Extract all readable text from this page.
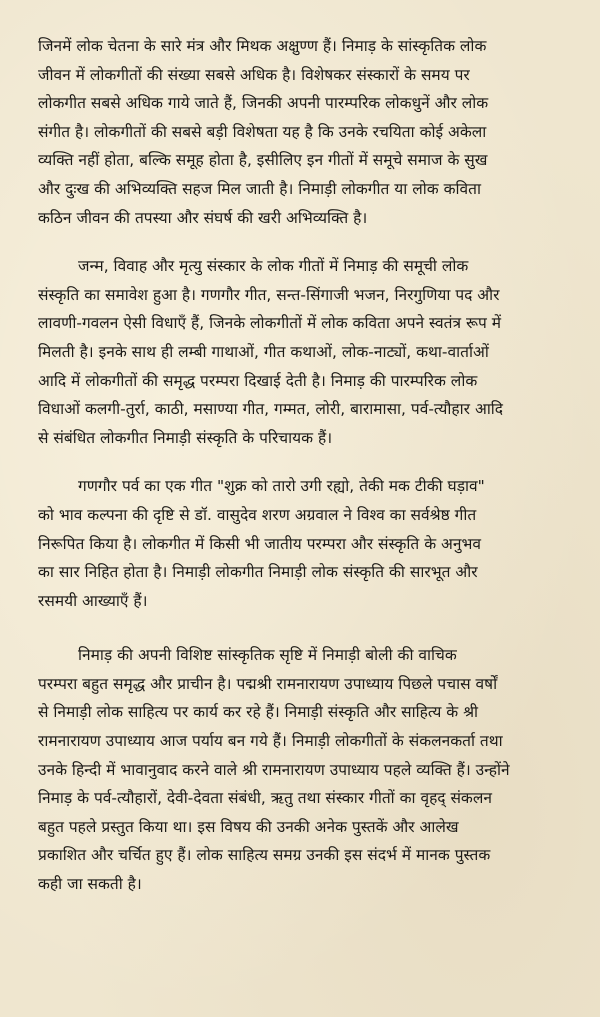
जिनमें लोक चेतना के सारे मंत्र और मिथक अक्षुण्ण हैं। निमाड़ के सांस्कृतिक लोक
जीवन में लोकगीतों की संख्या सबसे अधिक है। विशेषकर संस्कारों के समय पर
लोकगीत सबसे अधिक गाये जाते हैं, जिनकी अपनी पारम्परिक लोकधुनें और लोक
संगीत है। लोकगीतों की सबसे बड़ी विशेषता यह है कि उनके रचयिता कोई अकेला
व्यक्ति नहीं होता, बल्कि समूह होता है, इसीलिए इन गीतों में समूचे समाज के सुख
और दुःख की अभिव्यक्ति सहज मिल जाती है। निमाड़ी लोकगीत या लोक कविता
कठिन जीवन की तपस्या और संघर्ष की खरी अभिव्यक्ति है।

जन्म, विवाह और मृत्यु संस्कार के लोक गीतों में निमाड़ की समूची लोक
संस्कृति का समावेश हुआ है। गणगौर गीत, सन्त-सिंगाजी भजन, निरगुणिया पद और
लावणी-गवलन ऐसी विधाएँ हैं, जिनके लोकगीतों में लोक कविता अपने स्वतंत्र रूप में
मिलती है। इनके साथ ही लम्बी गाथाओं, गीत कथाओं, लोक-नाट्यों, कथा-वार्ताओं
आदि में लोकगीतों की समृद्ध परम्परा दिखाई देती है। निमाड़ की पारम्परिक लोक
विधाओं कलगी-तुर्रा, काठी, मसाण्या गीत, गम्मत, लोरी, बारामासा, पर्व-त्यौहार आदि
से संबंधित लोकगीत निमाड़ी संस्कृति के परिचायक हैं।

गणगौर पर्व का एक गीत "शुक्र को तारो उगी रह्यो, तेकी मक टीकी घड़ाव"
को भाव कल्पना की दृष्टि से डॉ. वासुदेव शरण अग्रवाल ने विश्व का सर्वश्रेष्ठ गीत
निरूपित किया है। लोकगीत में किसी भी जातीय परम्परा और संस्कृति के अनुभव
का सार निहित होता है। निमाड़ी लोकगीत निमाड़ी लोक संस्कृति की सारभूत और
रसमयी आख्याएँ हैं।

निमाड़ की अपनी विशिष्ट सांस्कृतिक सृष्टि में निमाड़ी बोली की वाचिक
परम्परा बहुत समृद्ध और प्राचीन है। पद्मश्री रामनारायण उपाध्याय पिछले पचास वर्षों
से निमाड़ी लोक साहित्य पर कार्य कर रहे हैं। निमाड़ी संस्कृति और साहित्य के श्री
रामनारायण उपाध्याय आज पर्याय बन गये हैं। निमाड़ी लोकगीतों के संकलनकर्ता तथा
उनके हिन्दी में भावानुवाद करने वाले श्री रामनारायण उपाध्याय पहले व्यक्ति हैं। उन्होंने
निमाड़ के पर्व-त्यौहारों, देवी-देवता संबंधी, ऋतु तथा संस्कार गीतों का वृहद् संकलन
बहुत पहले प्रस्तुत किया था। इस विषय की उनकी अनेक पुस्तकें और आलेख
प्रकाशित और चर्चित हुए हैं। लोक साहित्य समग्र उनकी इस संदर्भ में मानक पुस्तक
कही जा सकती है।
